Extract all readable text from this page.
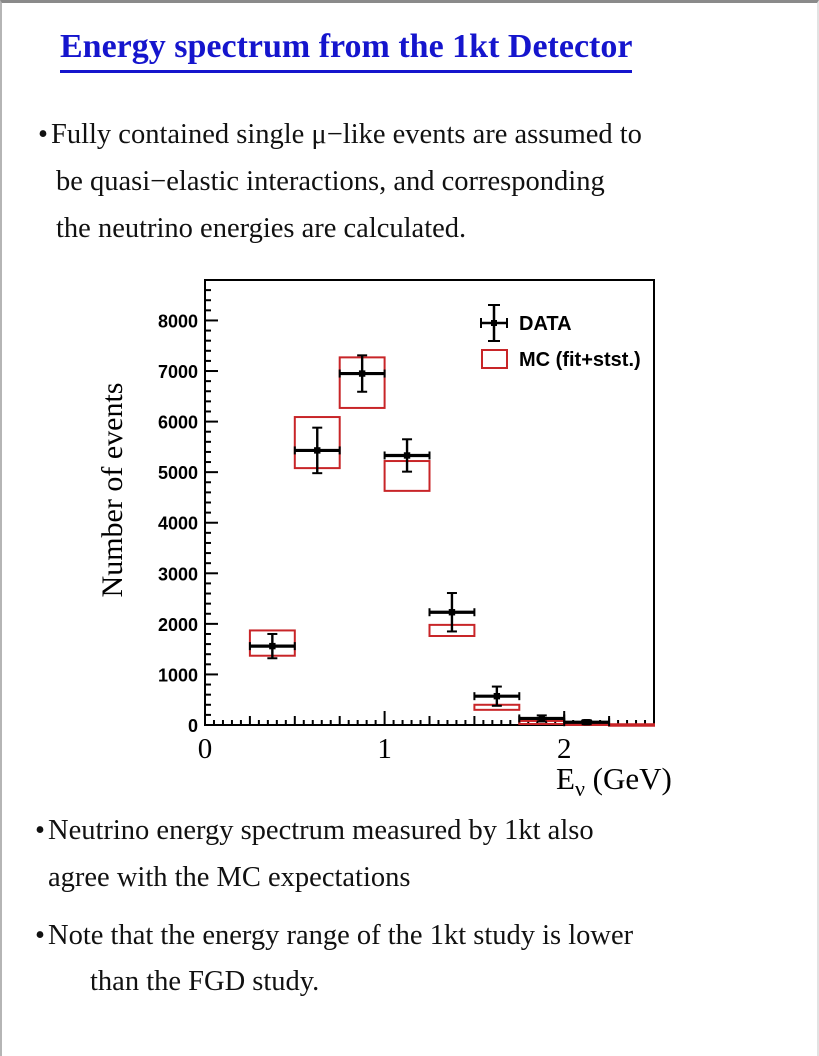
Energy spectrum from the 1kt Detector
• Fully contained single μ−like events are assumed to
be quasi−elastic interactions, and corresponding
the neutrino energies are calculated.
0
1000
2000
3000
4000
5000
6000
7000
8000
0	1	2
DATA
MC (fit+stst.)
Number of events
$E_\nu$ (GeV)
• Neutrino energy spectrum measured by 1kt also
agree with the MC expectations
• Note that the energy range of the 1kt study is lower
than the FGD study.
